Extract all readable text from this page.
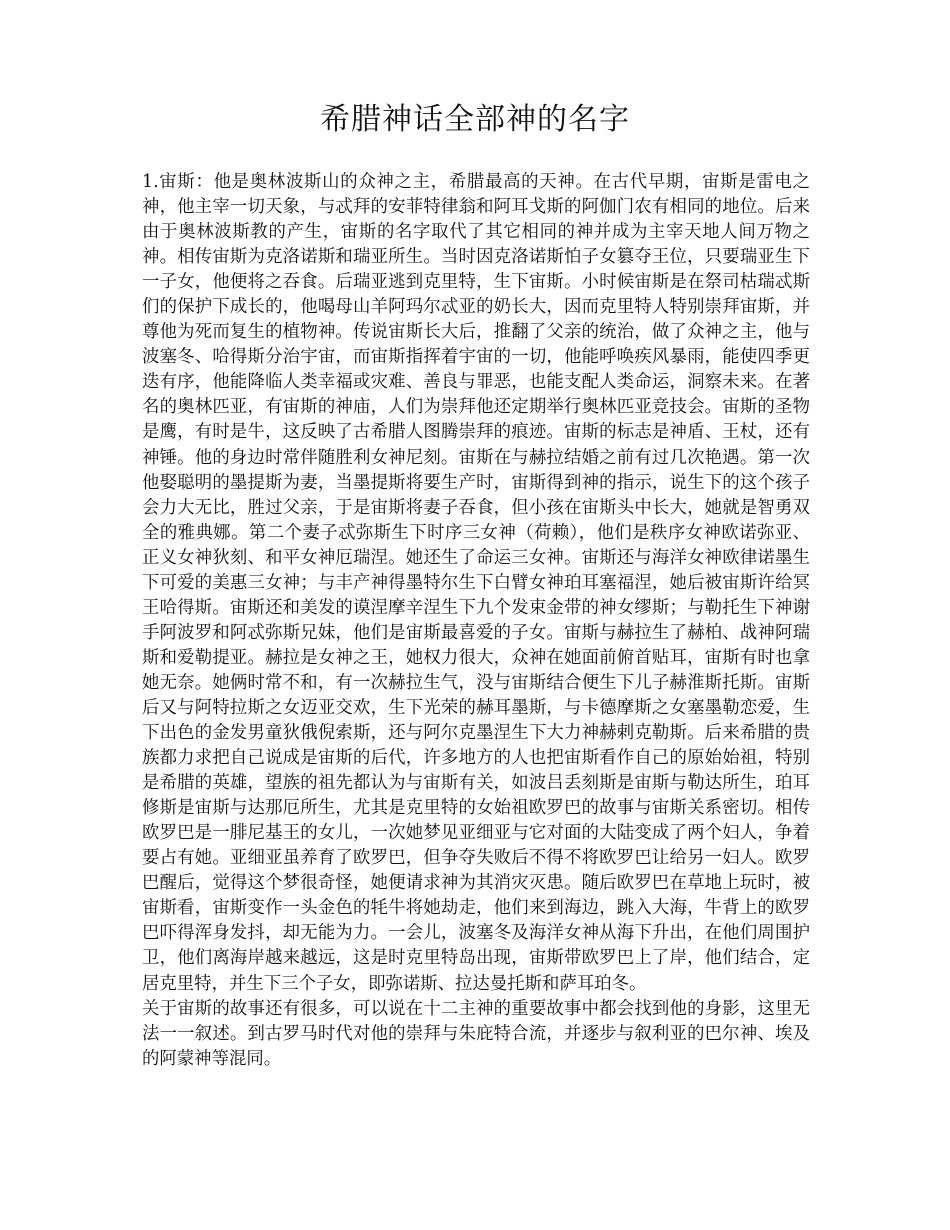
希腊神话全部神的名字

1.宙斯：他是奥林波斯山的众神之主，希腊最高的天神。在古代早期，宙斯是雷电之神，他主宰一切天象，与忒拜的安菲特律翁和阿耳戈斯的阿伽门农有相同的地位。后来由于奥林波斯教的产生，宙斯的名字取代了其它相同的神并成为主宰天地人间万物之神。相传宙斯为克洛诺斯和瑞亚所生。当时因克洛诺斯怕子女篡夺王位，只要瑞亚生下一子女，他便将之吞食。后瑞亚逃到克里特，生下宙斯。小时候宙斯是在祭司枯瑞忒斯们的保护下成长的，他喝母山羊阿玛尔忒亚的奶长大，因而克里特人特别崇拜宙斯，并尊他为死而复生的植物神。传说宙斯长大后，推翻了父亲的统治，做了众神之主，他与波塞冬、哈得斯分治宇宙，而宙斯指挥着宇宙的一切，他能呼唤疾风暴雨，能使四季更迭有序，他能降临人类幸福或灾难、善良与罪恶，也能支配人类命运，洞察未来。在著名的奥林匹亚，有宙斯的神庙，人们为崇拜他还定期举行奥林匹亚竞技会。宙斯的圣物是鹰，有时是牛，这反映了古希腊人图腾崇拜的痕迹。宙斯的标志是神盾、王杖，还有神锤。他的身边时常伴随胜利女神尼刻。宙斯在与赫拉结婚之前有过几次艳遇。第一次他娶聪明的墨提斯为妻，当墨提斯将要生产时，宙斯得到神的指示，说生下的这个孩子会力大无比，胜过父亲，于是宙斯将妻子吞食，但小孩在宙斯头中长大，她就是智勇双全的雅典娜。第二个妻子忒弥斯生下时序三女神（荷赖），他们是秩序女神欧诺弥亚、正义女神狄刻、和平女神厄瑞涅。她还生了命运三女神。宙斯还与海洋女神欧律诺墨生下可爱的美惠三女神；与丰产神得墨特尔生下白臂女神珀耳塞福涅，她后被宙斯许给冥王哈得斯。宙斯还和美发的谟涅摩辛涅生下九个发束金带的神女缪斯；与勒托生下神谢手阿波罗和阿忒弥斯兄妹，他们是宙斯最喜爱的子女。宙斯与赫拉生了赫柏、战神阿瑞斯和爱勒提亚。赫拉是女神之王，她权力很大，众神在她面前俯首贴耳，宙斯有时也拿她无奈。她俩时常不和，有一次赫拉生气，没与宙斯结合便生下儿子赫淮斯托斯。宙斯后又与阿特拉斯之女迈亚交欢，生下光荣的赫耳墨斯，与卡德摩斯之女塞墨勒恋爱，生下出色的金发男童狄俄倪索斯，还与阿尔克墨涅生下大力神赫剌克勒斯。后来希腊的贵族都力求把自己说成是宙斯的后代，许多地方的人也把宙斯看作自己的原始始祖，特别是希腊的英雄，望族的祖先都认为与宙斯有关，如波吕丢刻斯是宙斯与勒达所生，珀耳修斯是宙斯与达那厄所生，尤其是克里特的女始祖欧罗巴的故事与宙斯关系密切。相传欧罗巴是一腓尼基王的女儿，一次她梦见亚细亚与它对面的大陆变成了两个妇人，争着要占有她。亚细亚虽养育了欧罗巴，但争夺失败后不得不将欧罗巴让给另一妇人。欧罗巴醒后，觉得这个梦很奇怪，她便请求神为其消灾灭患。随后欧罗巴在草地上玩时，被宙斯看，宙斯变作一头金色的牦牛将她劫走，他们来到海边，跳入大海，牛背上的欧罗巴吓得浑身发抖，却无能为力。一会儿，波塞冬及海洋女神从海下升出，在他们周围护卫，他们离海岸越来越远，这是时克里特岛出现，宙斯带欧罗巴上了岸，他们结合，定居克里特，并生下三个子女，即弥诺斯、拉达曼托斯和萨耳珀冬。

关于宙斯的故事还有很多，可以说在十二主神的重要故事中都会找到他的身影，这里无法一一叙述。到古罗马时代对他的崇拜与朱庇特合流，并逐步与叙利亚的巴尔神、埃及的阿蒙神等混同。
